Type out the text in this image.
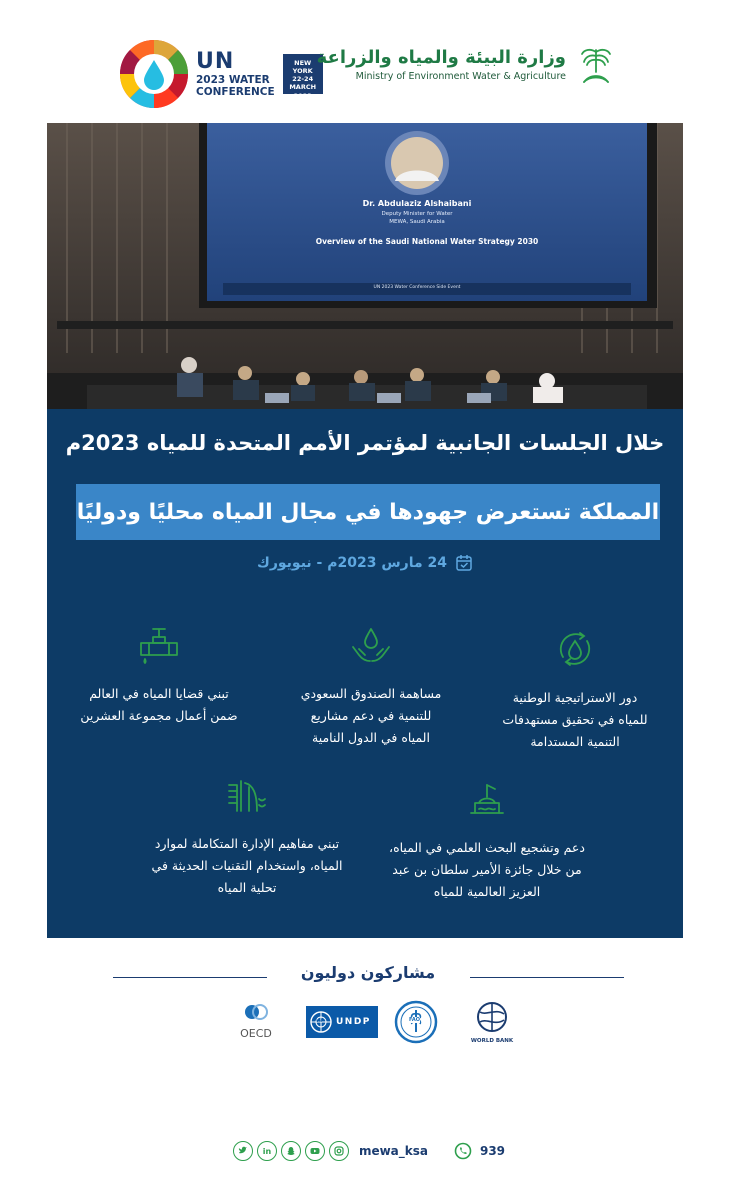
UN
2023 WATER
CONFERENCE
NEW YORK
22-24
MARCH
2023
وزارة البيئة والمياه والزراعة
Ministry of Environment Water & Agriculture
Dr. Abdulaziz Alshaibani
Deputy Minister for Water
MEWA, Saudi Arabia
Overview of the Saudi National Water Strategy 2030
UN 2023 Water Conference Side Event
خلال الجلسات الجانبية لمؤتمر الأمم المتحدة للمياه 2023م
المملكة تستعرض جهودها في مجال المياه محليًا ودوليًا
24 مارس 2023م - نيويورك
دور الاستراتيجية الوطنية
للمياه في تحقيق مستهدفات
التنمية المستدامة
مساهمة الصندوق السعودي
للتنمية في دعم مشاريع
المياه في الدول النامية
تبني قضايا المياه في العالم
ضمن أعمال مجموعة العشرين
دعم وتشجيع البحث العلمي في المياه،
من خلال جائزة الأمير سلطان بن عبد
العزيز العالمية للمياه
تبني مفاهيم الإدارة المتكاملة لموارد
المياه، واستخدام التقنيات الحديثة في
تحلية المياه
مشاركون دوليون
WORLD BANK
FAO
UNDP
UN
OECD
in	mewa_ksa	939
